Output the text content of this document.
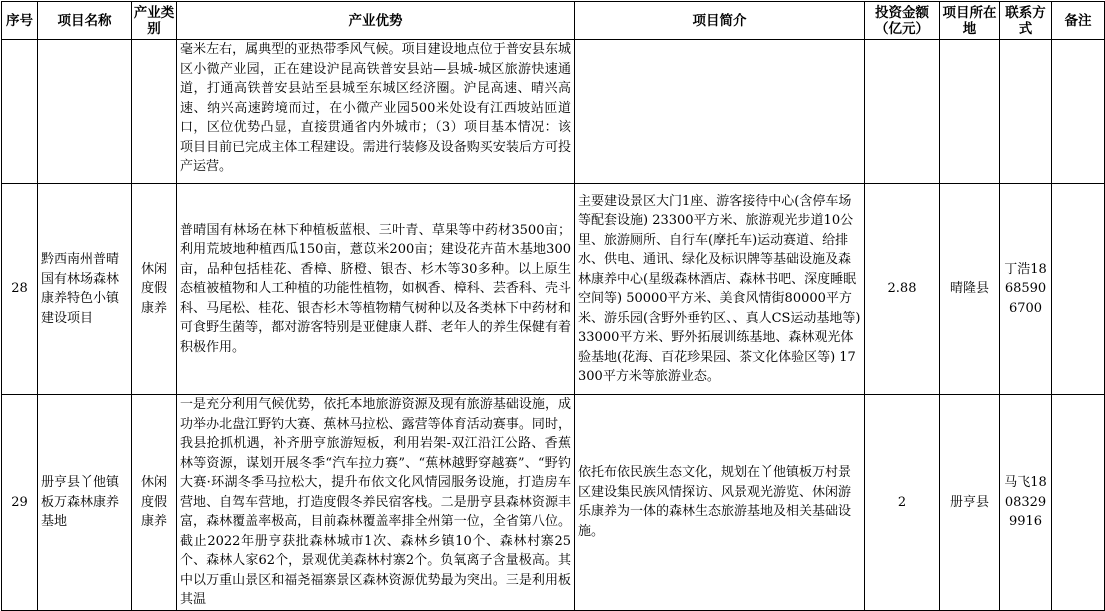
序号	项目名称	产业类别	产业优势	项目简介	投资金额（亿元）	项目所在地	联系方式	备注
			毫米左右，属典型的亚热带季风气候。项目建设地点位于普安县东城区小微产业园，正在建设沪昆高铁普安县站—县城-城区旅游快速通道，打通高铁普安县站至县城至东城区经济圈。沪昆高速、晴兴高速、纳兴高速跨境而过，在小微产业园500米处设有江西坡站匝道口，区位优势凸显，直接贯通省内外城市；（3）项目基本情况：该项目目前已完成主体工程建设。需进行装修及设备购买安装后方可投产运营。					
28	黔西南州普晴国有林场森林康养特色小镇建设项目	休闲度假康养	普晴国有林场在林下种植板蓝根、三叶青、草果等中药材3500亩；利用荒坡地种植西瓜150亩，薏苡米200亩；建设花卉苗木基地300亩，品种包括桂花、香樟、脐橙、银杏、杉木等30多种。以上原生态植被植物和人工种植的功能性植物，如枫香、樟科、芸香科、壳斗科、马尾松、桂花、银杏杉木等植物精气树种以及各类林下中药材和可食野生菌等，都对游客特别是亚健康人群、老年人的养生保健有着积极作用。	主要建设景区大门1座、游客接待中心(含停车场等配套设施) 23300平方米、旅游观光步道10公里、旅游厕所、自行车(摩托车)运动赛道、给排水、供电、通讯、绿化及标识牌等基础设施及森林康养中心(星级森林酒店、森林书吧、深度睡眠空间等) 50000平方米、美食风情街80000平方米、游乐园(含野外垂钓区、、真人CS运动基地等) 33000平方米、野外拓展训练基地、森林观光体验基地(花海、百花珍果园、茶文化体验区等) 17300平方米等旅游业态。	2.88	晴隆县	丁浩18685906700	
29	册亨县丫他镇板万森林康养基地	休闲度假康养	一是充分利用气候优势，依托本地旅游资源及现有旅游基础设施，成功举办北盘江野钓大赛、蕉林马拉松、露营等体育活动赛事。同时，我县抢抓机遇，补齐册亨旅游短板，利用岩架-双江沿江公路、香蕉林等资源，谋划开展冬季“汽车拉力赛”、“蕉林越野穿越赛”、“野钓大赛·环湖冬季马拉松大，提升布依文化风情园服务设施，打造房车营地、自驾车营地，打造度假冬养民宿客栈。二是册亨县森林资源丰富，森林覆盖率极高，目前森林覆盖率排全州第一位，全省第八位。截止2022年册亨获批森林城市1次、森林乡镇10个、森林村寨25个、森林人家62个，景观优美森林村寨2个。负氧离子含量极高。其中以万重山景区和福尧福寨景区森林资源优势最为突出。三是利用板其温	依托布依民族生态文化，规划在丫他镇板万村景区建设集民族风情探访、风景观光游览、休闲游乐康养为一体的森林生态旅游基地及相关基础设施。	2	册亨县	马飞18083299916	
